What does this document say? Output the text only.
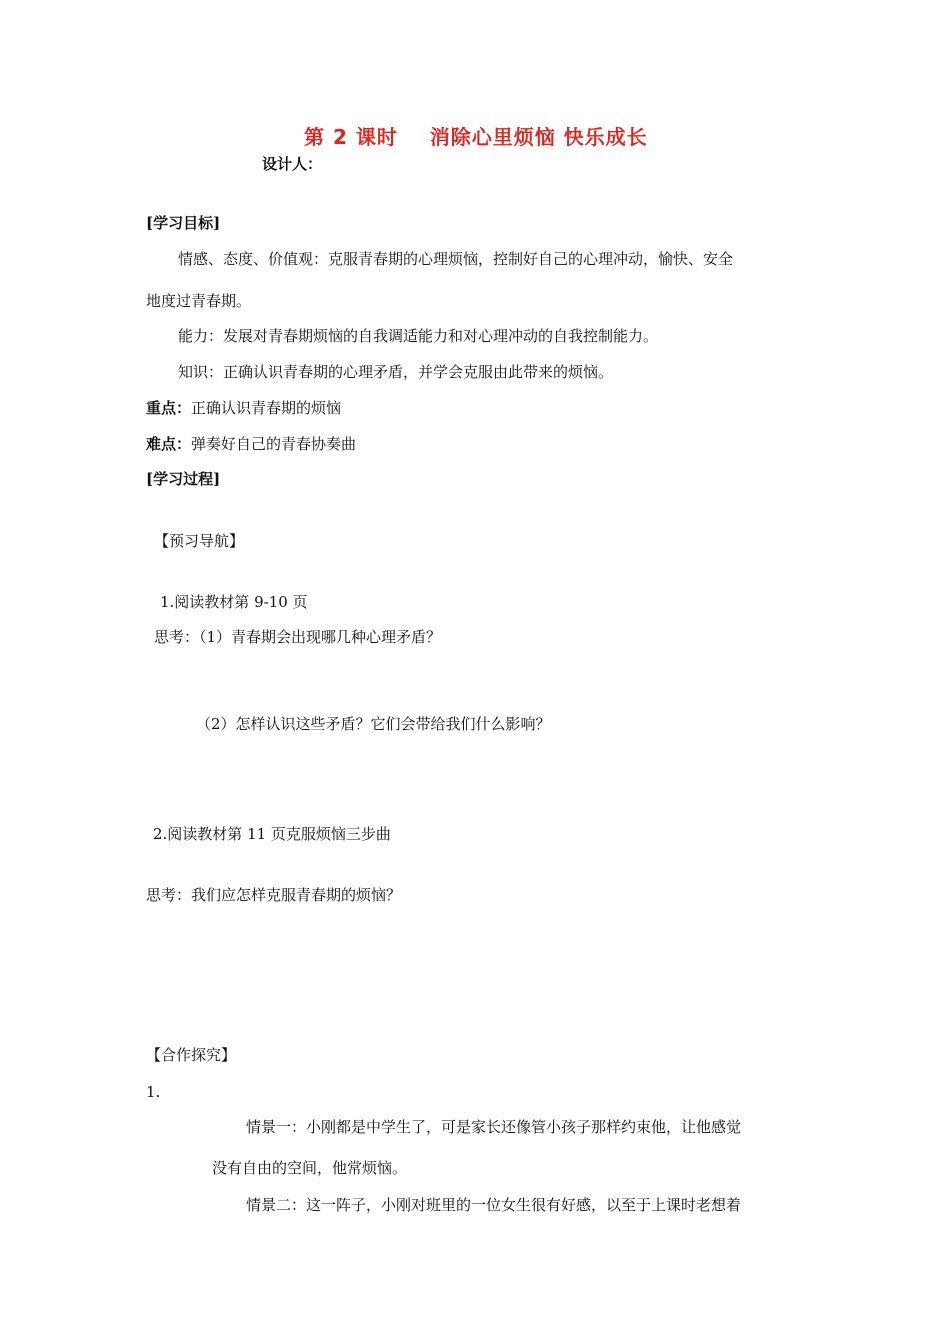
第 2 课时 消除心里烦恼 快乐成长
设计人：
[学习目标]
情感、态度、价值观：克服青春期的心理烦恼，控制好自己的心理冲动，愉快、安全
地度过青春期。
能力：发展对青春期烦恼的自我调适能力和对心理冲动的自我控制能力。
知识：正确认识青春期的心理矛盾，并学会克服由此带来的烦恼。
重点：正确认识青春期的烦恼
难点：弹奏好自己的青春协奏曲
[学习过程]
【预习导航】
1.阅读教材第 9-10 页
思考：（1）青春期会出现哪几种心理矛盾？
（2）怎样认识这些矛盾？它们会带给我们什么影响？
2.阅读教材第 11 页克服烦恼三步曲
思考：我们应怎样克服青春期的烦恼？
【合作探究】
1.
情景一：小刚都是中学生了，可是家长还像管小孩子那样约束他，让他感觉
没有自由的空间，他常烦恼。
情景二：这一阵子，小刚对班里的一位女生很有好感，以至于上课时老想着
